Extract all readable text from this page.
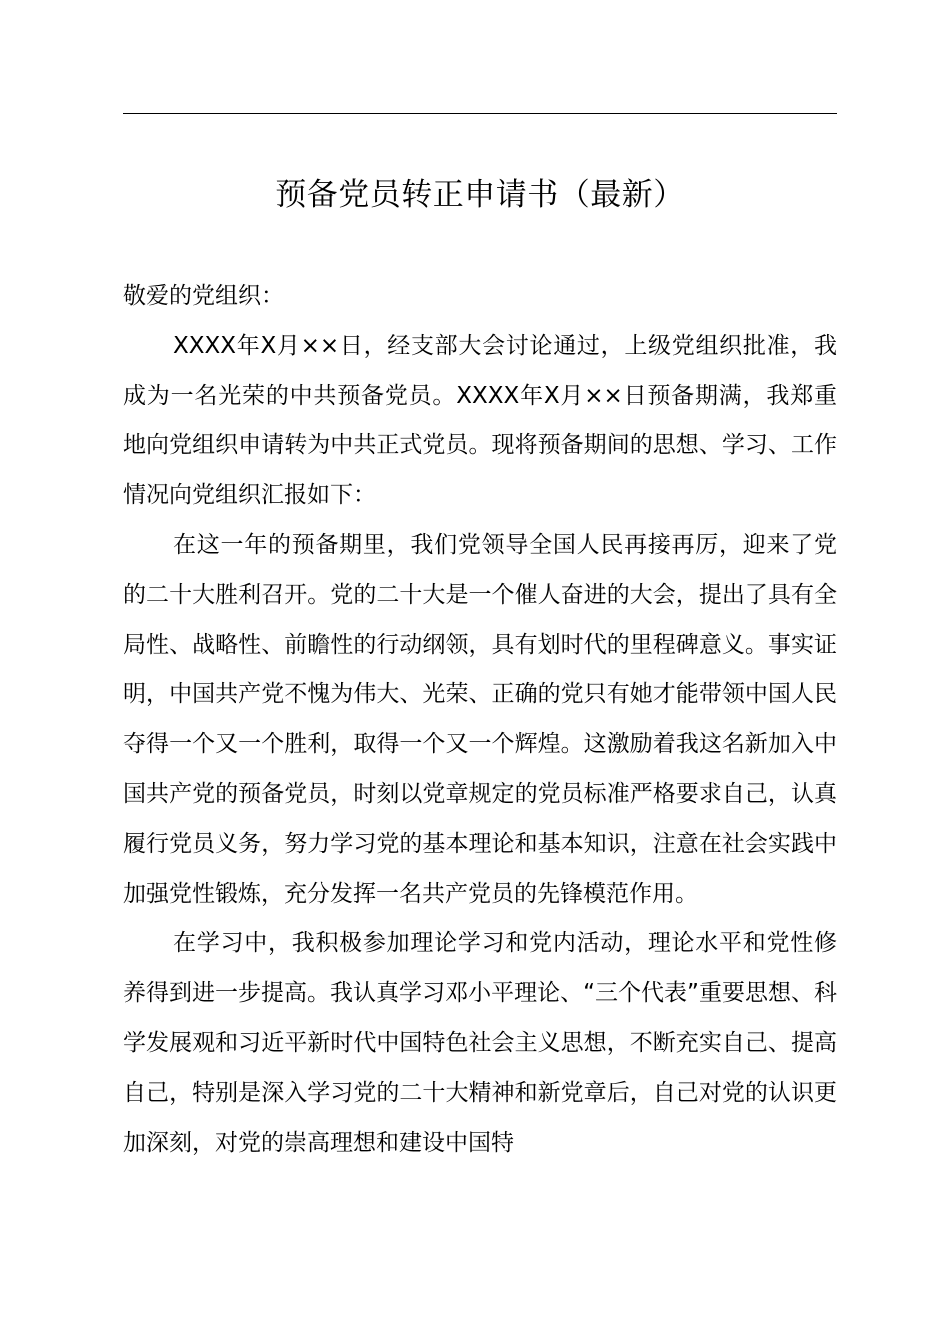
预备党员转正申请书（最新）

敬爱的党组织：

XXXX年X月××日，经支部大会讨论通过，上级党组织批准，我成为一名光荣的中共预备党员。XXXX年X月××日预备期满，我郑重地向党组织申请转为中共正式党员。现将预备期间的思想、学习、工作情况向党组织汇报如下：

在这一年的预备期里，我们党领导全国人民再接再厉，迎来了党的二十大胜利召开。党的二十大是一个催人奋进的大会，提出了具有全局性、战略性、前瞻性的行动纲领，具有划时代的里程碑意义。事实证明，中国共产党不愧为伟大、光荣、正确的党只有她才能带领中国人民夺得一个又一个胜利，取得一个又一个辉煌。这激励着我这名新加入中国共产党的预备党员，时刻以党章规定的党员标准严格要求自己，认真履行党员义务，努力学习党的基本理论和基本知识，注意在社会实践中加强党性锻炼，充分发挥一名共产党员的先锋模范作用。

在学习中，我积极参加理论学习和党内活动，理论水平和党性修养得到进一步提高。我认真学习邓小平理论、“三个代表”重要思想、科学发展观和习近平新时代中国特色社会主义思想，不断充实自己、提高自己，特别是深入学习党的二十大精神和新党章后，自己对党的认识更加深刻，对党的崇高理想和建设中国特
